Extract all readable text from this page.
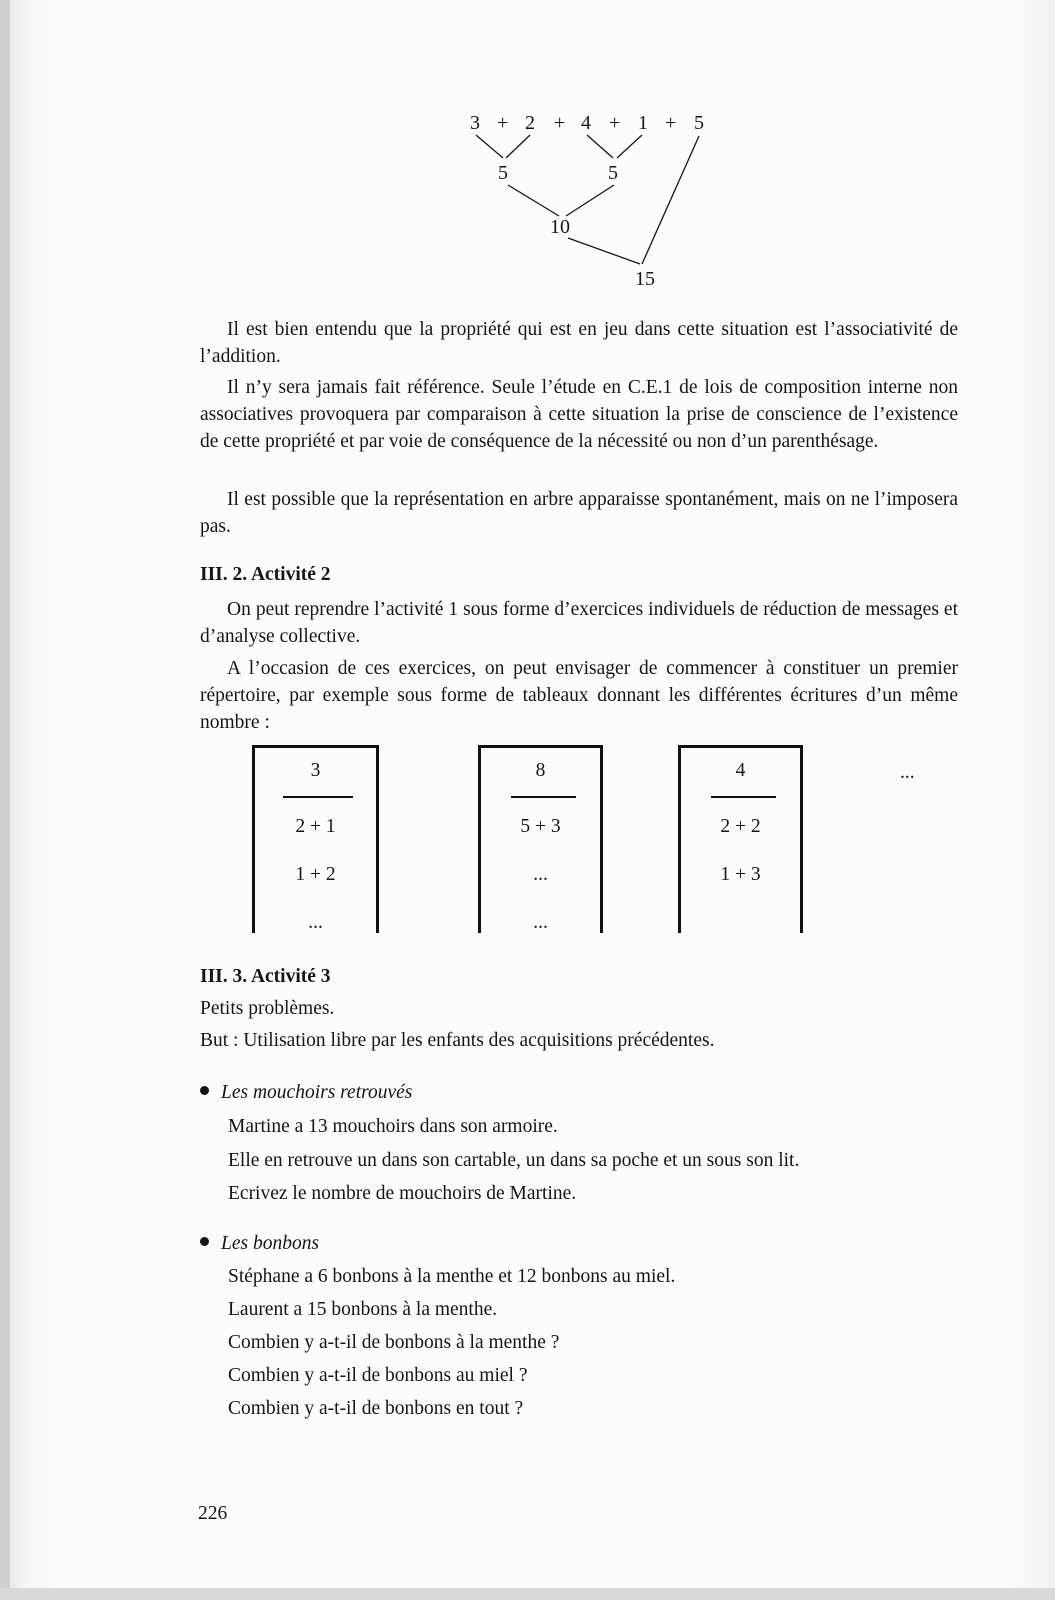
3 + 2 + 4 + 1 + 5
5	5
10
15

Il est bien entendu que la propriété qui est en jeu dans cette situation est l’associativité de l’addition.

Il n’y sera jamais fait référence. Seule l’étude en C.E.1 de lois de composition interne non associatives provoquera par comparaison à cette situation la prise de conscience de l’existence de cette propriété et par voie de conséquence de la nécessité ou non d’un parenthésage.

Il est possible que la représentation en arbre apparaisse spontanément, mais on ne l’imposera pas.

III. 2. Activité 2

On peut reprendre l’activité 1 sous forme d’exercices individuels de réduction de messages et d’analyse collective.

A l’occasion de ces exercices, on peut envisager de commencer à constituer un premier répertoire, par exemple sous forme de tableaux donnant les différentes écritures d’un même nombre :

3
2 + 1
1 + 2
...
8
5 + 3
...
...
4
2 + 2
1 + 3

...

III. 3. Activité 3

Petits problèmes.

But : Utilisation libre par les enfants des acquisitions précédentes.

Les mouchoirs retrouvés

Martine a 13 mouchoirs dans son armoire.

Elle en retrouve un dans son cartable, un dans sa poche et un sous son lit.

Ecrivez le nombre de mouchoirs de Martine.

Les bonbons

Stéphane a 6 bonbons à la menthe et 12 bonbons au miel.

Laurent a 15 bonbons à la menthe.

Combien y a-t-il de bonbons à la menthe ?

Combien y a-t-il de bonbons au miel ?

Combien y a-t-il de bonbons en tout ?

226
